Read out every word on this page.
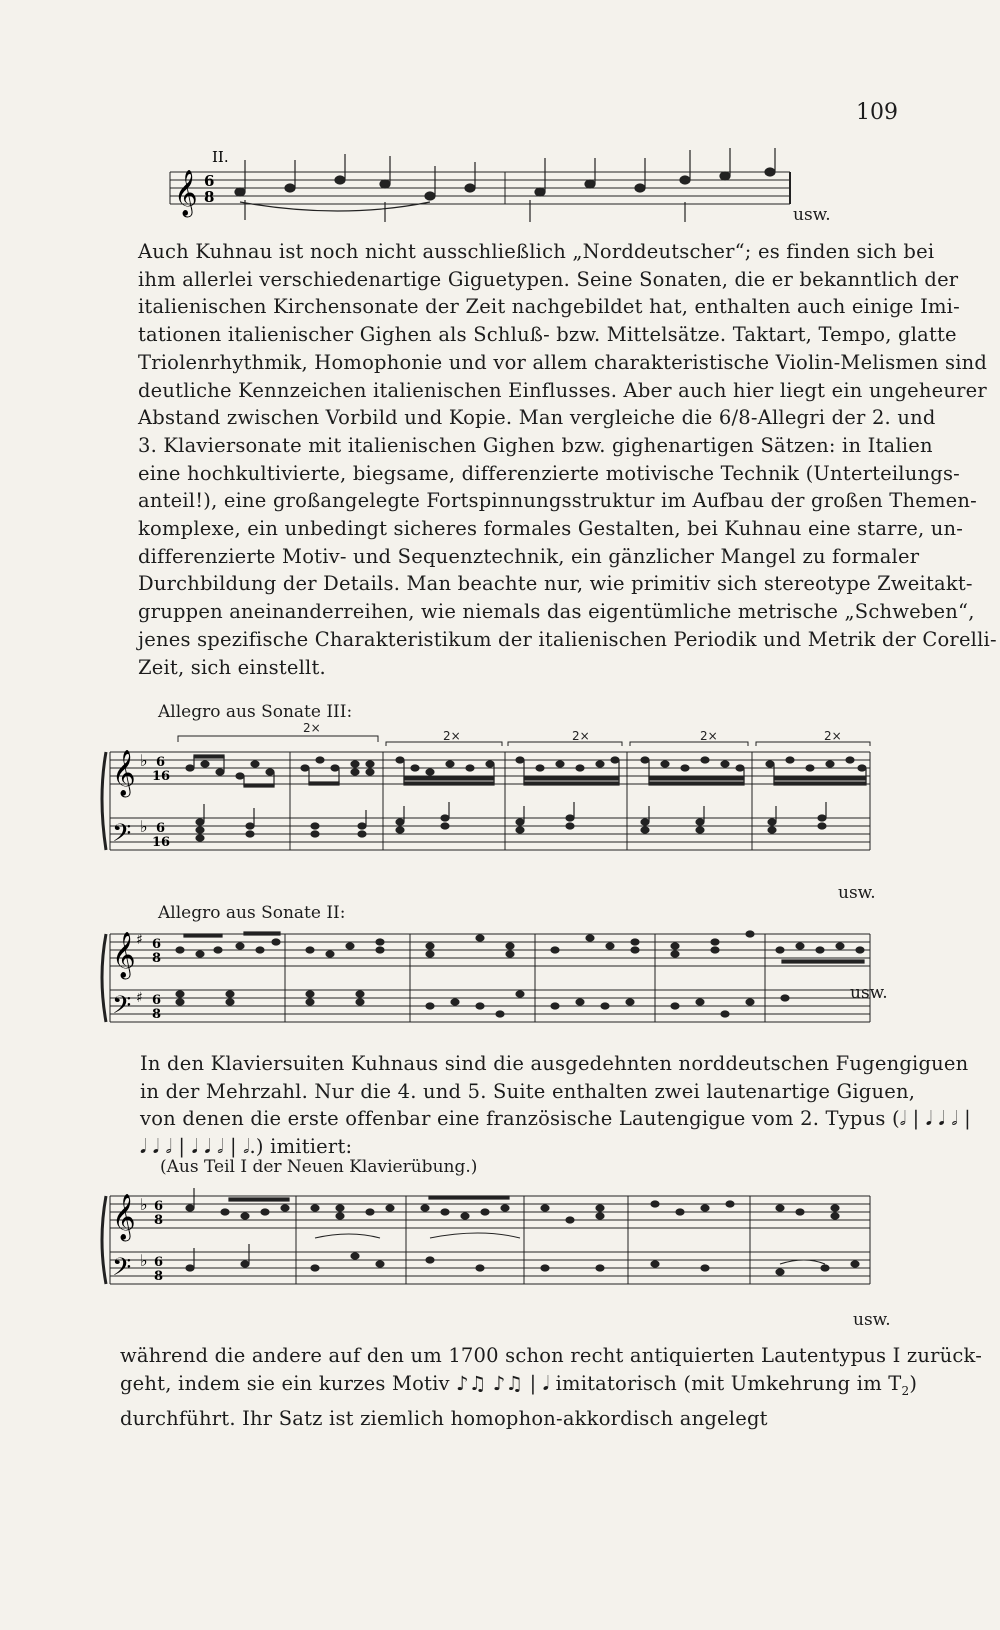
109
II.
𝄞 6
8
usw.
Auch Kuhnau ist noch nicht ausschließlich „Norddeutscher“; es finden sich bei
ihm allerlei verschiedenartige Giguetypen. Seine Sonaten, die er bekanntlich der
italienischen Kirchensonate der Zeit nachgebildet hat, enthalten auch einige Imi-
tationen italienischer Gighen als Schluß- bzw. Mittelsätze. Taktart, Tempo, glatte
Triolenrhythmik, Homophonie und vor allem charakteristische Violin-Melismen sind
deutliche Kennzeichen italienischen Einflusses. Aber auch hier liegt ein ungeheurer
Abstand zwischen Vorbild und Kopie. Man vergleiche die 6/8-Allegri der 2. und
3. Klaviersonate mit italienischen Gighen bzw. gighenartigen Sätzen: in Italien
eine hochkultivierte, biegsame, differenzierte motivische Technik (Unterteilungs-
anteil!), eine großangelegte Fortspinnungsstruktur im Aufbau der großen Themen-
komplexe, ein unbedingt sicheres formales Gestalten, bei Kuhnau eine starre, un-
differenzierte Motiv- und Sequenztechnik, ein gänzlicher Mangel zu formaler
Durchbildung der Details. Man beachte nur, wie primitiv sich stereotype Zweitakt-
gruppen aneinanderreihen, wie niemals das eigentümliche metrische „Schweben“,
jenes spezifische Charakteristikum der italienischen Periodik und Metrik der Corelli-
Zeit, sich einstellt.
Allegro aus Sonate III:
2×
2×	2×	2×	2×
𝄞
𝄢
♭
♭
6
16
6
16
usw.
Allegro aus Sonate II:
𝄞
𝄢
♯
♯
6
8
6
8
usw.
In den Klaviersuiten Kuhnaus sind die ausgedehnten norddeutschen Fugengiguen
in der Mehrzahl. Nur die 4. und 5. Suite enthalten zwei lautenartige Giguen,
von denen die erste offenbar eine französische Lautengigue vom 2. Typus (𝅗𝅥 | 𝅘𝅥 𝅘𝅥 𝅗𝅥 |
𝅘𝅥 𝅘𝅥 𝅗𝅥 | 𝅘𝅥 𝅘𝅥 𝅗𝅥 | 𝅗𝅥.) imitiert:
(Aus Teil I der Neuen Klavierübung.)
𝄞
𝄢
♭
♭
6
8
6
8
usw.
während die andere auf den um 1700 schon recht antiquierten Lautentypus I zurück-
geht, indem sie ein kurzes Motiv ♪♫ ♪♫ | 𝅘𝅥 imitatorisch (mit Umkehrung im $T_2$)
durchführt. Ihr Satz ist ziemlich homophon-akkordisch angelegt
